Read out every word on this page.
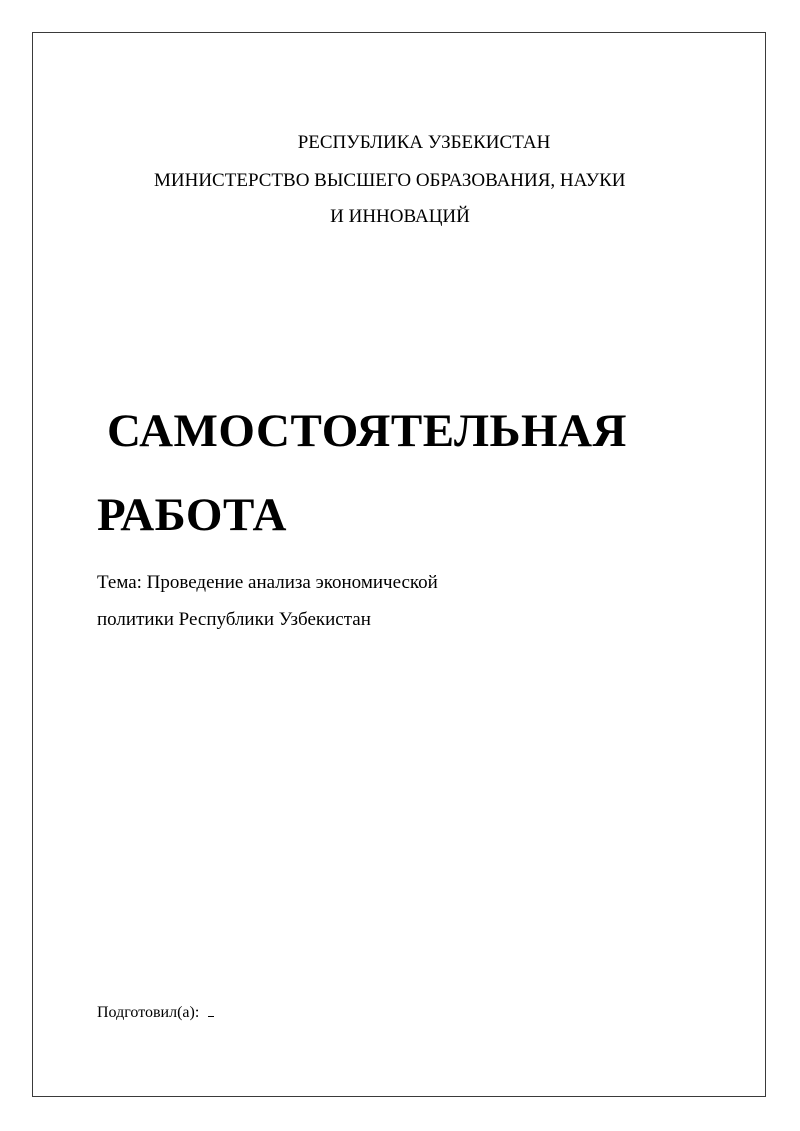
РЕСПУБЛИКА УЗБЕКИСТАН
МИНИСТЕРСТВО ВЫСШЕГО ОБРАЗОВАНИЯ, НАУКИ
И ИННОВАЦИЙ
САМОСТОЯТЕЛЬНАЯ
РАБОТА
Тема: Проведение анализа экономической
политики Республики Узбекистан
Подготовил(а):
